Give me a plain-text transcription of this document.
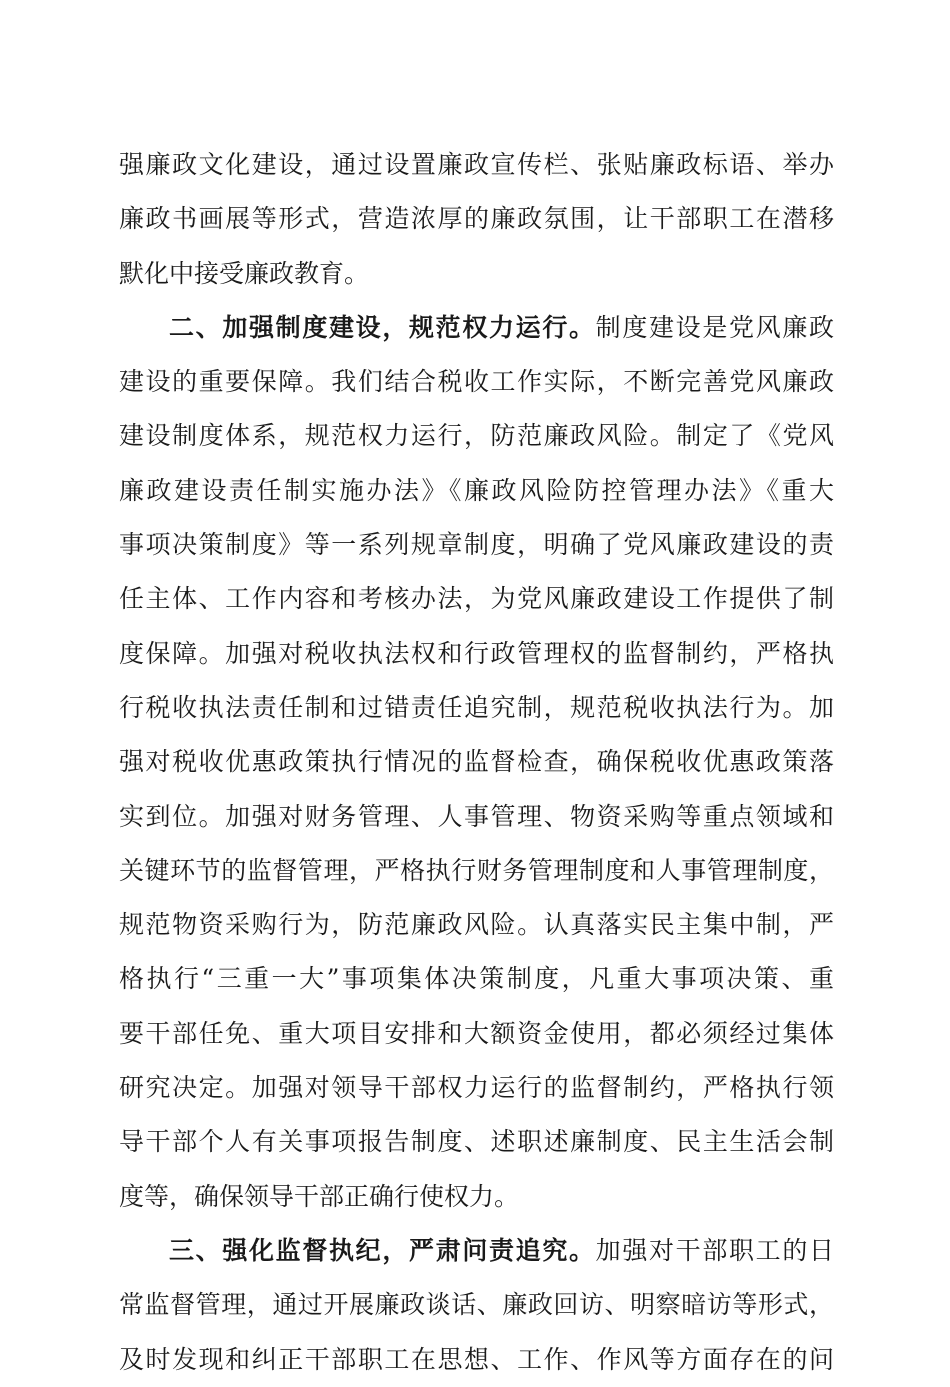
强廉政文化建设，通过设置廉政宣传栏、张贴廉政标语、举办
廉政书画展等形式，营造浓厚的廉政氛围，让干部职工在潜移
默化中接受廉政教育。
二、加强制度建设，规范权力运行。制度建设是党风廉政
建设的重要保障。我们结合税收工作实际，不断完善党风廉政
建设制度体系，规范权力运行，防范廉政风险。制定了《党风
廉政建设责任制实施办法》《廉政风险防控管理办法》《重大
事项决策制度》等一系列规章制度，明确了党风廉政建设的责
任主体、工作内容和考核办法，为党风廉政建设工作提供了制
度保障。加强对税收执法权和行政管理权的监督制约，严格执
行税收执法责任制和过错责任追究制，规范税收执法行为。加
强对税收优惠政策执行情况的监督检查，确保税收优惠政策落
实到位。加强对财务管理、人事管理、物资采购等重点领域和
关键环节的监督管理，严格执行财务管理制度和人事管理制度，
规范物资采购行为，防范廉政风险。认真落实民主集中制，严
格执行“三重一大”事项集体决策制度，凡重大事项决策、重
要干部任免、重大项目安排和大额资金使用，都必须经过集体
研究决定。加强对领导干部权力运行的监督制约，严格执行领
导干部个人有关事项报告制度、述职述廉制度、民主生活会制
度等，确保领导干部正确行使权力。
三、强化监督执纪，严肃问责追究。加强对干部职工的日
常监督管理，通过开展廉政谈话、廉政回访、明察暗访等形式，
及时发现和纠正干部职工在思想、工作、作风等方面存在的问
